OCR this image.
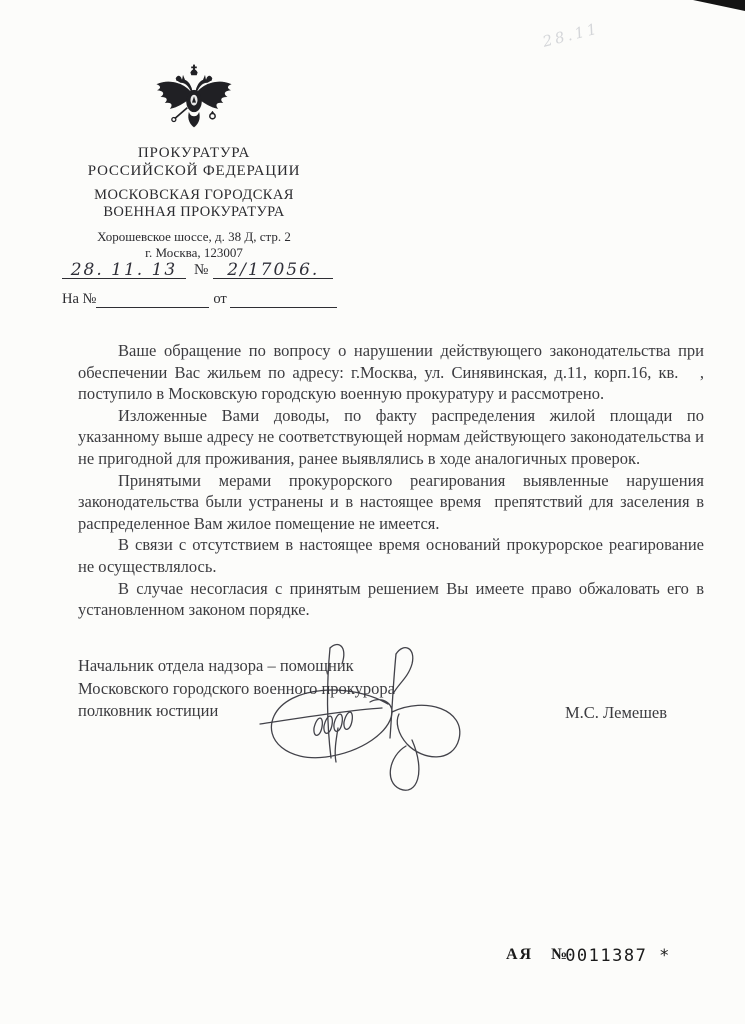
28.11
ПРОКУРАТУРА
РОССИЙСКОЙ ФЕДЕРАЦИИ
МОСКОВСКАЯ ГОРОДСКАЯ
ВОЕННАЯ ПРОКУРАТУРА
Хорошевское шоссе, д. 38 Д, стр. 2
г. Москва, 123007
28. 11. 13 № 2/17056.
На №	от

Ваше обращение по вопросу о нарушении действующего законодательства при обеспечении Вас жильем по адресу: г.Москва, ул. Синявинская, д.11, корп.16, кв.   , поступило в Московскую городскую военную прокуратуру и рассмотрено.

Изложенные Вами доводы, по факту распределения жилой площади по указанному выше адресу не соответствующей нормам действующего законодательства и не пригодной для проживания, ранее выявлялись в ходе аналогичных проверок.

Принятыми мерами прокурорского реагирования выявленные нарушения законодательства были устранены и в настоящее время  препятствий для заселения в распределенное Вам жилое помещение не имеется.

В связи с отсутствием в настоящее время оснований прокурорское реагирование не осуществлялось.

В случае несогласия с принятым решением Вы имеете право обжаловать его в установленном законом порядке.

Начальник отдела надзора – помощник
Московского городского военного прокурора
полковник юстиции	М.С. Лемешев
АЯ №0011387 *
